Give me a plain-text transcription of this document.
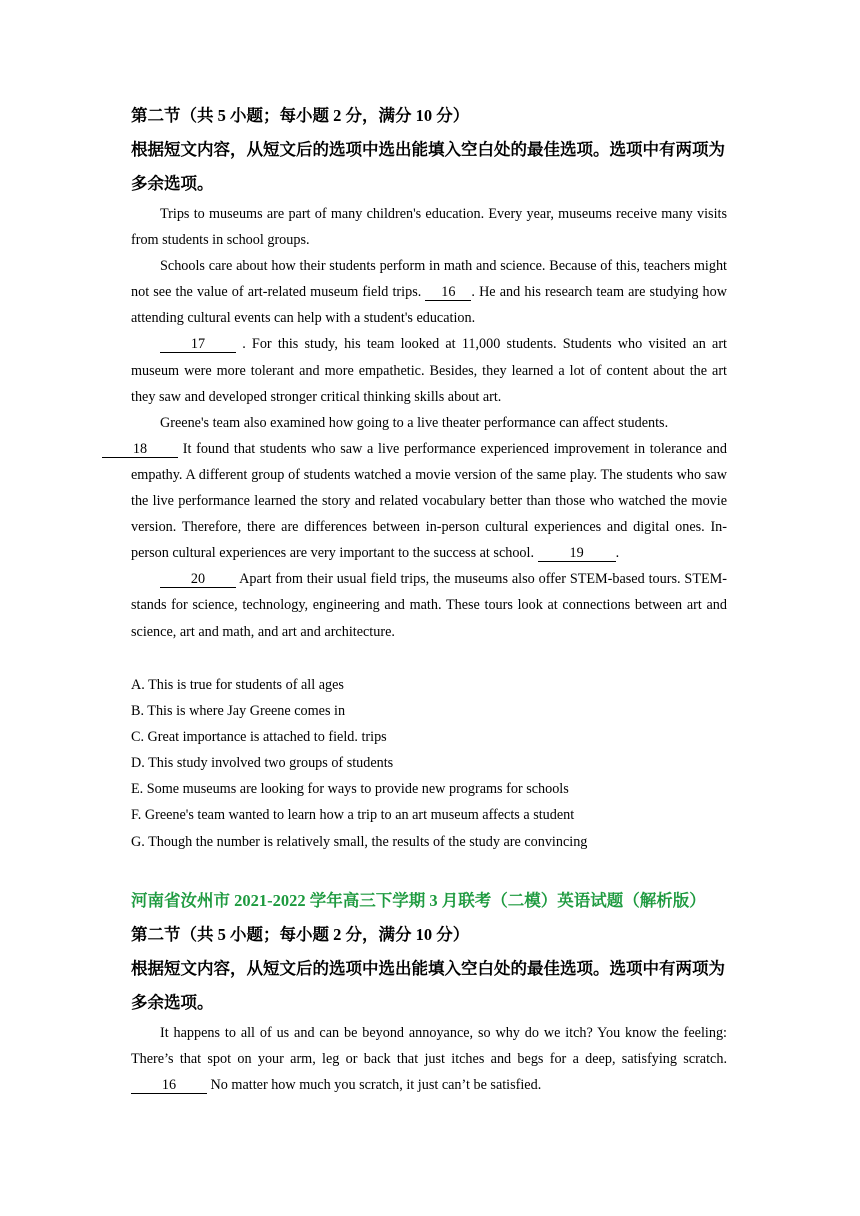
第二节（共 5 小题；每小题 2 分，满分 10 分）
根据短文内容，从短文后的选项中选出能填入空白处的最佳选项。选项中有两项为多余选项。

Trips to museums are part of many children's education. Every year, museums receive many visits from students in school groups.

Schools care about how their students perform in math and science. Because of this, teachers might not see the value of art-related museum field trips. 16 . He and his research team are studying how attending cultural events can help with a student's education.

17 . For this study, his team looked at 11,000 students. Students who visited an art museum were more tolerant and more empathetic. Besides, they learned a lot of content about the art they saw and developed stronger critical thinking skills about art.

Greene's team also examined how going to a live theater performance can affect students.
18 It found that students who saw a live performance experienced improvement in tolerance and empathy. A different group of students watched a movie version of the same play. The students who saw the live performance learned the story and related vocabulary better than those who watched the movie version. Therefore, there are differences between in-person cultural experiences and digital ones. In-person cultural experiences are very important to the success at school. 19 .

20 Apart from their usual field trips, the museums also offer STEM-based tours. STEM-stands for science, technology, engineering and math. These tours look at connections between art and science, art and math, and art and architecture.

A. This is true for students of all ages
B. This is where Jay Greene comes in
C. Great importance is attached to field. trips
D. This study involved two groups of students
E. Some museums are looking for ways to provide new programs for schools
F. Greene's team wanted to learn how a trip to an art museum affects a student
G. Though the number is relatively small, the results of the study are convincing
河南省汝州市 2021-2022 学年高三下学期 3 月联考（二模）英语试题（解析版）
第二节（共 5 小题；每小题 2 分，满分 10 分）
根据短文内容，从短文后的选项中选出能填入空白处的最佳选项。选项中有两项为多余选项。

It happens to all of us and can be beyond annoyance, so why do we itch? You know the feeling: There’s that spot on your arm, leg or back that just itches and begs for a deep, satisfying scratch. 16 No matter how much you scratch, it just can’t be satisfied.
